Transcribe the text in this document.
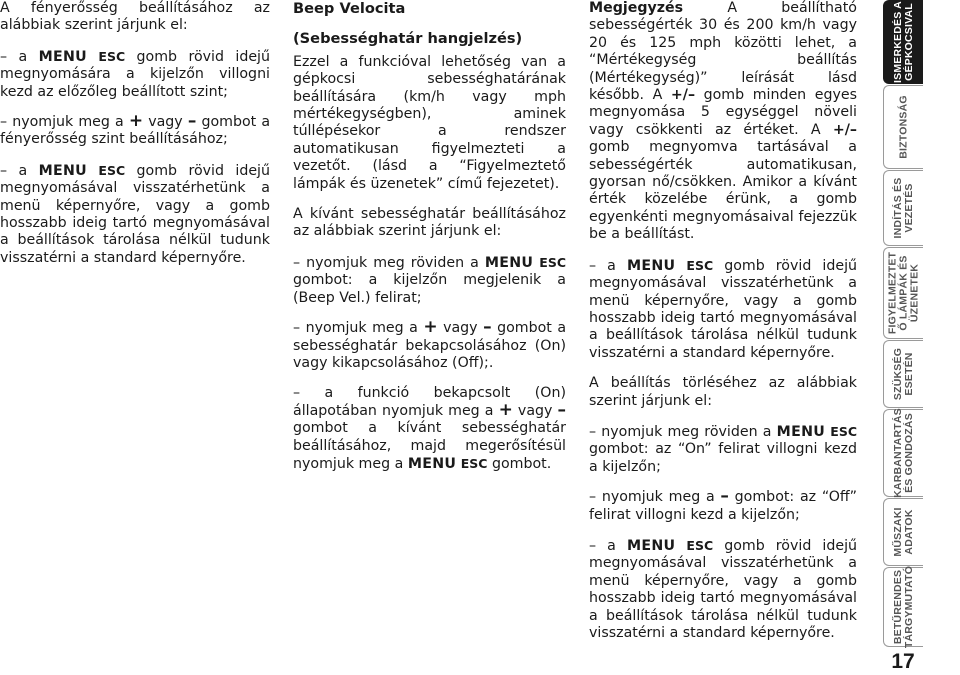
A fényerősség beállításához az alábbiak szerint járjunk el:

– a MENU ESC gomb rövid idejű megnyomására a kijelzőn villogni kezd az előzőleg beállított szint;

– nyomjuk meg a + vagy – gombot a fényerősség szint beállításához;

– a MENU ESC gomb rövid idejű megnyomásával visszatérhetünk a menü képernyőre, vagy a gomb hosszabb ideig tartó megnyomásával a beállítások tárolása nélkül tudunk visszatérni a standard képernyőre.

Beep Velocita

(Sebességhatár hangjelzés)

Ezzel a funkcióval lehetőség van a gépkocsi sebességhatárának beállítására (km/h vagy mph mértékegységben), aminek túllépésekor a rendszer automatikusan figyelmezteti a vezetőt. (lásd a “Figyelmeztető lámpák és üzenetek” című fejezetet).

A kívánt sebességhatár beállításához az alábbiak szerint járjunk el:

– nyomjuk meg röviden a MENU ESC gombot: a kijelzőn megjelenik a (Beep Vel.) felirat;

– nyomjuk meg a + vagy – gombot a sebességhatár bekapcsolásához (On) vagy kikapcsolásához (Off);.

– a funkció bekapcsolt (On) állapotában nyomjuk meg a + vagy – gombot a kívánt sebességhatár beállításához, majd megerősítésül nyomjuk meg a MENU ESC gombot.

Megjegyzés A beállítható sebességérték 30 és 200 km/h vagy 20 és 125 mph közötti lehet, a “Mértékegység beállítás (Mértékegység)” leírását lásd később. A +/– gomb minden egyes megnyomása 5 egységgel növeli vagy csökkenti az értéket. A +/– gomb megnyomva tartásával a sebességérték automatikusan, gyorsan nő/csökken. Amikor a kívánt érték közelébe érünk, a gomb egyenkénti megnyomásaival fejezzük be a beállítást.

– a MENU ESC gomb rövid idejű megnyomásával visszatérhetünk a menü képernyőre, vagy a gomb hosszabb ideig tartó megnyomásával a beállítások tárolása nélkül tudunk visszatérni a standard képernyőre.

A beállítás törléséhez az alábbiak szerint járjunk el:

– nyomjuk meg röviden a MENU ESC gombot: az “On” felirat villogni kezd a kijelzőn;

– nyomjuk meg a – gombot: az “Off” felirat villogni kezd a kijelzőn;

– a MENU ESC gomb rövid idejű megnyomásával visszatérhetünk a menü képernyőre, vagy a gomb hosszabb ideig tartó megnyomásával a beállítások tárolása nélkül tudunk visszatérni a standard képernyőre.

ISMERKEDÉS A GÉPKOCSIVAL
BIZTONSÁG
INDÍTÁS ÉS VEZETÉS
FIGYELMEZTET Ő LÁMPÁK ÉS ÜZENETEK
SZÜKSÉG ESETÉN
KARBANTARTÁS ÉS GONDOZÁS
MŰSZAKI ADATOK
BETŰRENDES TÁRGYMUTATÓ
17
